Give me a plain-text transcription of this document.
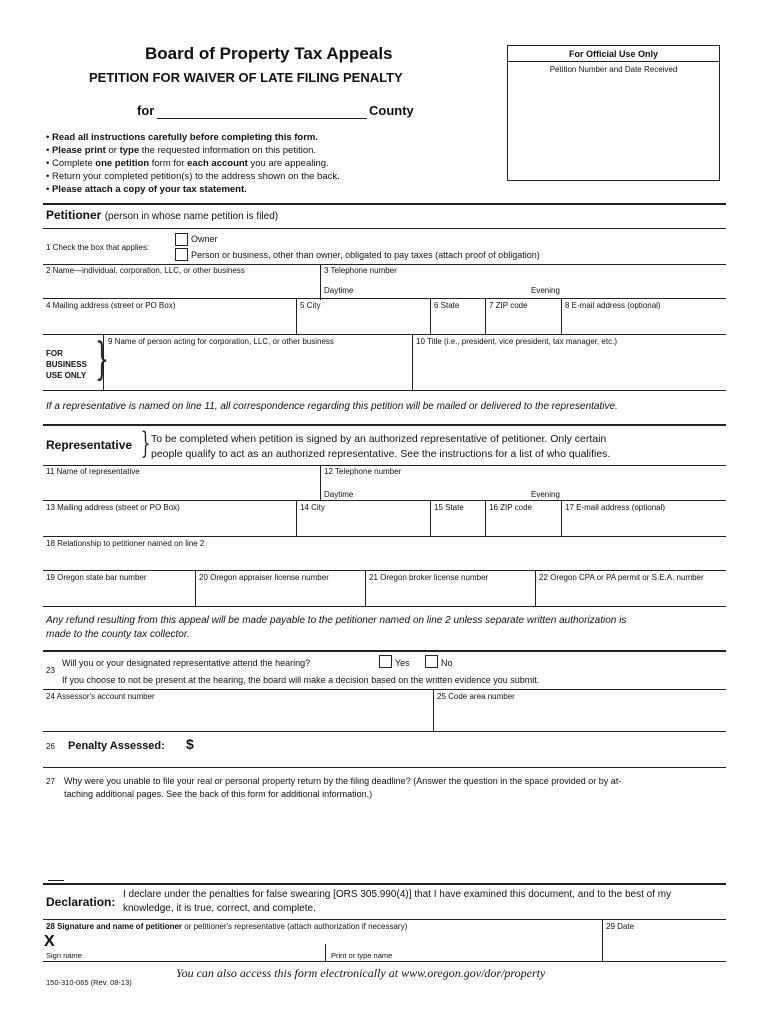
Board of Property Tax Appeals
PETITION FOR WAIVER OF LATE FILING PENALTY
for	County
For Official Use Only
Petition Number and Date Received
• Read all instructions carefully before completing this form.
• Please print or type the requested information on this petition.
• Complete one petition form for each account you are appealing.
• Return your completed petition(s) to the address shown on the back.
• Please attach a copy of your tax statement.
Petitioner (person in whose name petition is filed)
1 Check the box that applies:
Owner
Person or business, other than owner, obligated to pay taxes (attach proof of obligation)
2 Name—individual, corporation, LLC, or other business	3 Telephone number
Daytime	Evening
4 Mailing address (street or PO Box)	5 City	6 State	7 ZIP code	8 E-mail address (optional)
FOR
BUSINESS
USE ONLY } 9 Name of person acting for corporation, LLC, or other business	10 Title (i.e., president, vice president, tax manager, etc.)
If a representative is named on line 11, all correspondence regarding this petition will be mailed or delivered to the representative.
Representative } To be completed when petition is signed by an authorized representative of petitioner. Only certain
people qualify to act as an authorized representative. See the instructions for a list of who qualifies.
11 Name of representative	12 Telephone number
Daytime	Evening
13 Mailing address (street or PO Box)	14 City	15 State	16 ZIP code	17 E-mail address (optional)
18 Relationship to petitioner named on line 2
19 Oregon state bar number	20 Oregon appraiser license number	21 Oregon broker license number	22 Oregon CPA or PA permit or S.E.A. number
Any refund resulting from this appeal will be made payable to the petitioner named on line 2 unless separate written authorization is
made to the county tax collector.
23
Will you or your designated representative attend the hearing?	Yes	No
If you choose to not be present at the hearing, the board will make a decision based on the written evidence you submit.
24 Assessor's account number	25 Code area number
26 Penalty Assessed: $
27 Why were you unable to file your real or personal property return by the filing deadline? (Answer the question in the space provided or by at-
taching additional pages. See the back of this form for additional information.)
Declaration:
I declare under the penalties for false swearing [ORS 305.990(4)] that I have examined this document, and to the best of my
knowledge, it is true, correct, and complete.
28 Signature and name of petitioner or petitioner's representative (attach authorization if necessary)	29 Date
X
Sign name	Print or type name
150-310-065 (Rev. 08-13)
You can also access this form electronically at www.oregon.gov/dor/property
